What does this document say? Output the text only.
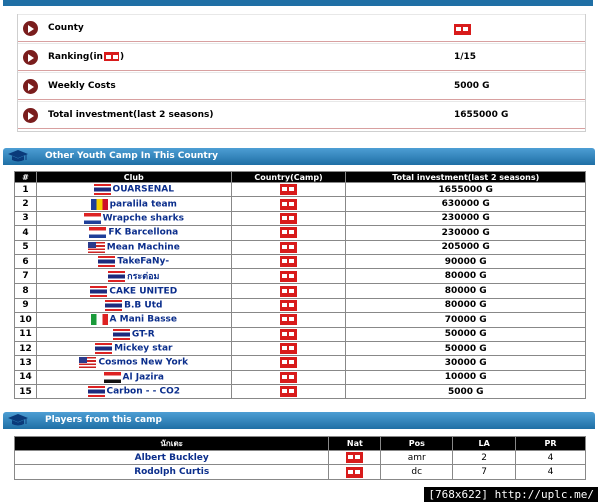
County
Ranking(in )	1/15
Weekly Costs	5000 G
Total investment(last 2 seasons)	1655000 G
Other Youth Camp In This Country
#	Club	Country(Camp)	Total investment(last 2 seasons)
1	OUARSENAL		1655000 G
2	paralila team		630000 G
3	Wrapche sharks		230000 G
4	FK Barcellona		230000 G
5	Mean Machine		205000 G
6	TakeFaNy-		90000 G
7	กระต่อม		80000 G
8	CAKE UNITED		80000 G
9	B.B Utd		80000 G
10	A Mani Basse		70000 G
11	GT-R		50000 G
12	Mickey star		50000 G
13	Cosmos New York		30000 G
14	Al Jazira		10000 G
15	Carbon - - CO2		5000 G
Players from this camp
นักเตะ	Nat	Pos	LA	PR
Albert Buckley		amr	2	4
Rodolph Curtis		dc	7	4
[768x622] http://uplc.me/
